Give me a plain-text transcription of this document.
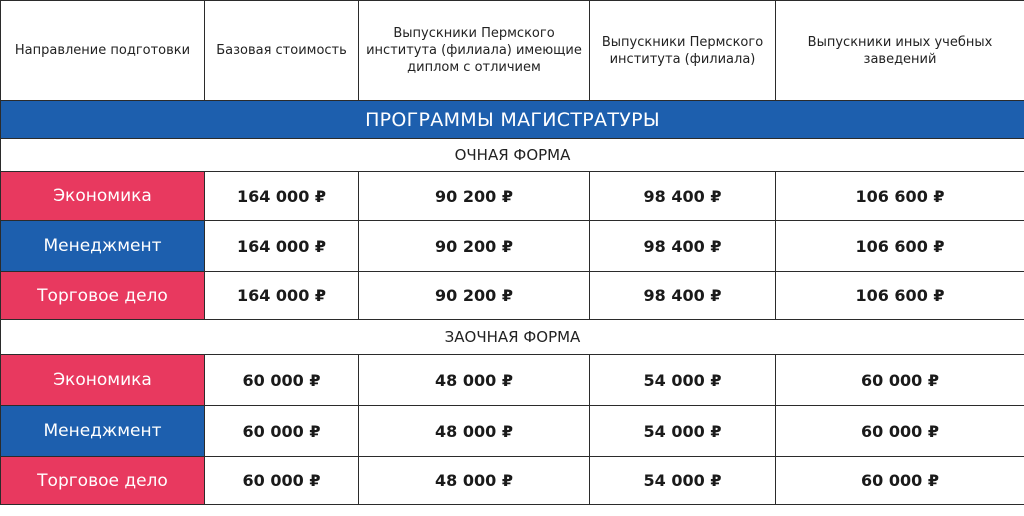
Направление подготовки	Базовая стоимость	Выпускники Пермского института (филиала) имеющие диплом с отличием	Выпускники Пермского института (филиала)	Выпускники иных учебных заведений
ПРОГРАММЫ МАГИСТРАТУРЫ				
ОЧНАЯ ФОРМА				
Экономика	164 000 ₽	90 200 ₽	98 400 ₽	106 600 ₽
Менеджмент	164 000 ₽	90 200 ₽	98 400 ₽	106 600 ₽
Торговое дело	164 000 ₽	90 200 ₽	98 400 ₽	106 600 ₽
ЗАОЧНАЯ ФОРМА				
Экономика	60 000 ₽	48 000 ₽	54 000 ₽	60 000 ₽
Менеджмент	60 000 ₽	48 000 ₽	54 000 ₽	60 000 ₽
Торговое дело	60 000 ₽	48 000 ₽	54 000 ₽	60 000 ₽
